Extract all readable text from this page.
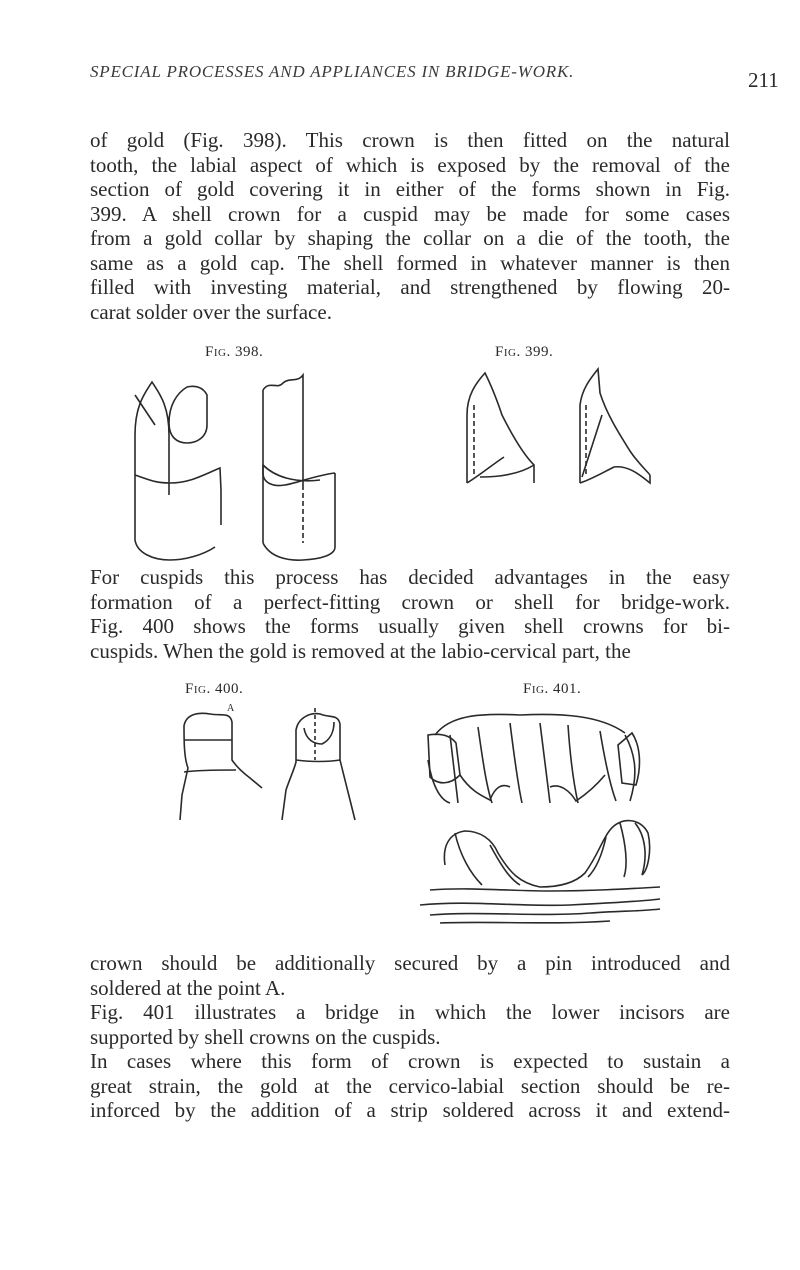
SPECIAL PROCESSES AND APPLIANCES IN BRIDGE-WORK.	211
of gold (Fig. 398). This crown is then fitted on the natural
tooth, the labial aspect of which is exposed by the removal of the
section of gold covering it in either of the forms shown in Fig.
399. A shell crown for a cuspid may be made for some cases
from a gold collar by shaping the collar on a die of the tooth, the
same as a gold cap. The shell formed in whatever manner is then
filled with investing material, and strengthened by flowing 20-
carat solder over the surface.
Fig. 398.	Fig. 399.
For cuspids this process has decided advantages in the easy
formation of a perfect-fitting crown or shell for bridge-work.
Fig. 400 shows the forms usually given shell crowns for bi-
cuspids. When the gold is removed at the labio-cervical part, the
Fig. 400.	Fig. 401.
A
crown should be additionally secured by a pin introduced and
soldered at the point A.
Fig. 401 illustrates a bridge in which the lower incisors are
supported by shell crowns on the cuspids.
In cases where this form of crown is expected to sustain a
great strain, the gold at the cervico-labial section should be re-
inforced by the addition of a strip soldered across it and extend-
